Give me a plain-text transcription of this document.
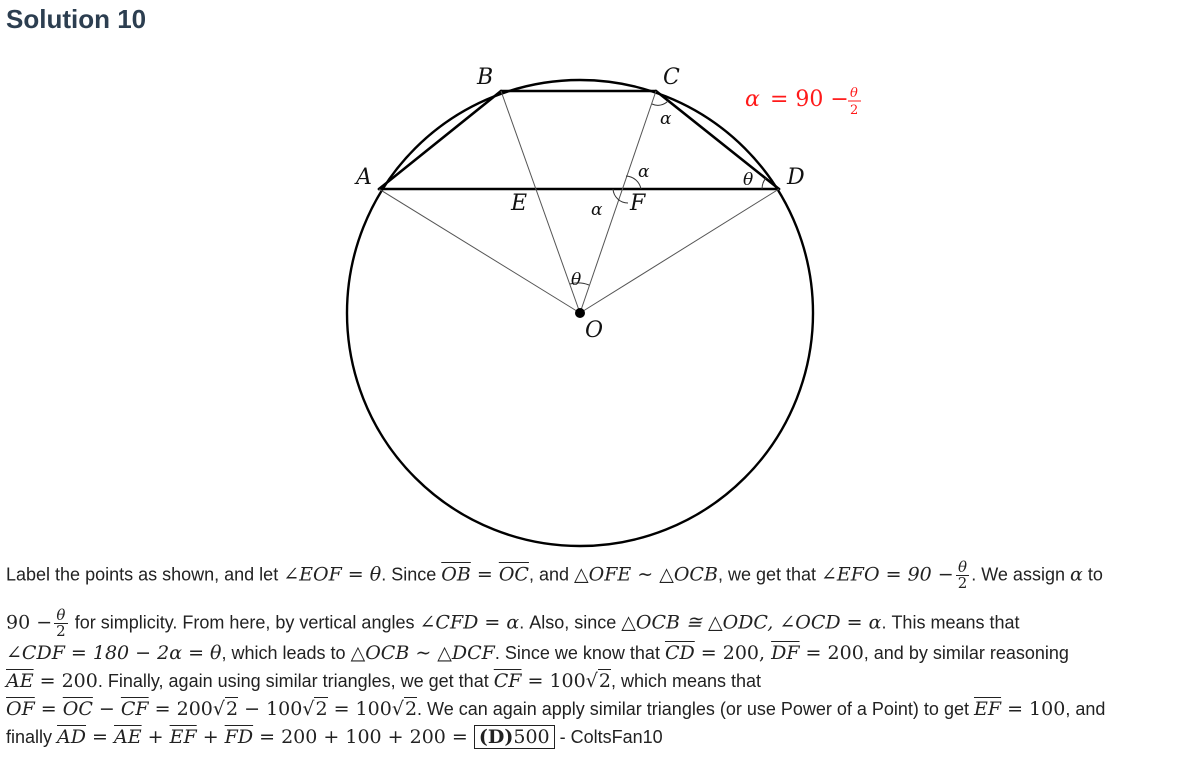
Solution 10
A
B	C
D
E	F
O
α
α
α
θ
θ
α = 90 − θ
2
Label the points as shown, and let ∠EOF = θ. Since $\overline{OB} = \overline{OC}$, and △OFE ∼ △OCB, we get that ∠EFO = $90 - \frac{\theta}{2}$ . We assign α to
$90 - \frac{\theta}{2}$ for simplicity. From here, by vertical angles ∠CFD = α. Also, since △OCB ≅ △ODC, ∠OCD = α. This means that
∠CDF = 180 − 2α = θ, which leads to △OCB ∼ △DCF. Since we know that $\overline{CD} = 200$, $\overline{DF} = 200$, and by similar reasoning
$\overline{AE} = 200$. Finally, again using similar triangles, we get that $\overline{CF} = 100√2$, which means that
$\overline{OF} = \overline{OC} - \overline{CF} = 200√2 - 100√2 = 100√2$. We can again apply similar triangles (or use Power of a Point) to get $\overline{EF} = 100$, and
finally $\overline{AD} = \overline{AE} + \overline{EF} + \overline{FD} = 200 + 100 + 200 = (D)500$ - ColtsFan10
